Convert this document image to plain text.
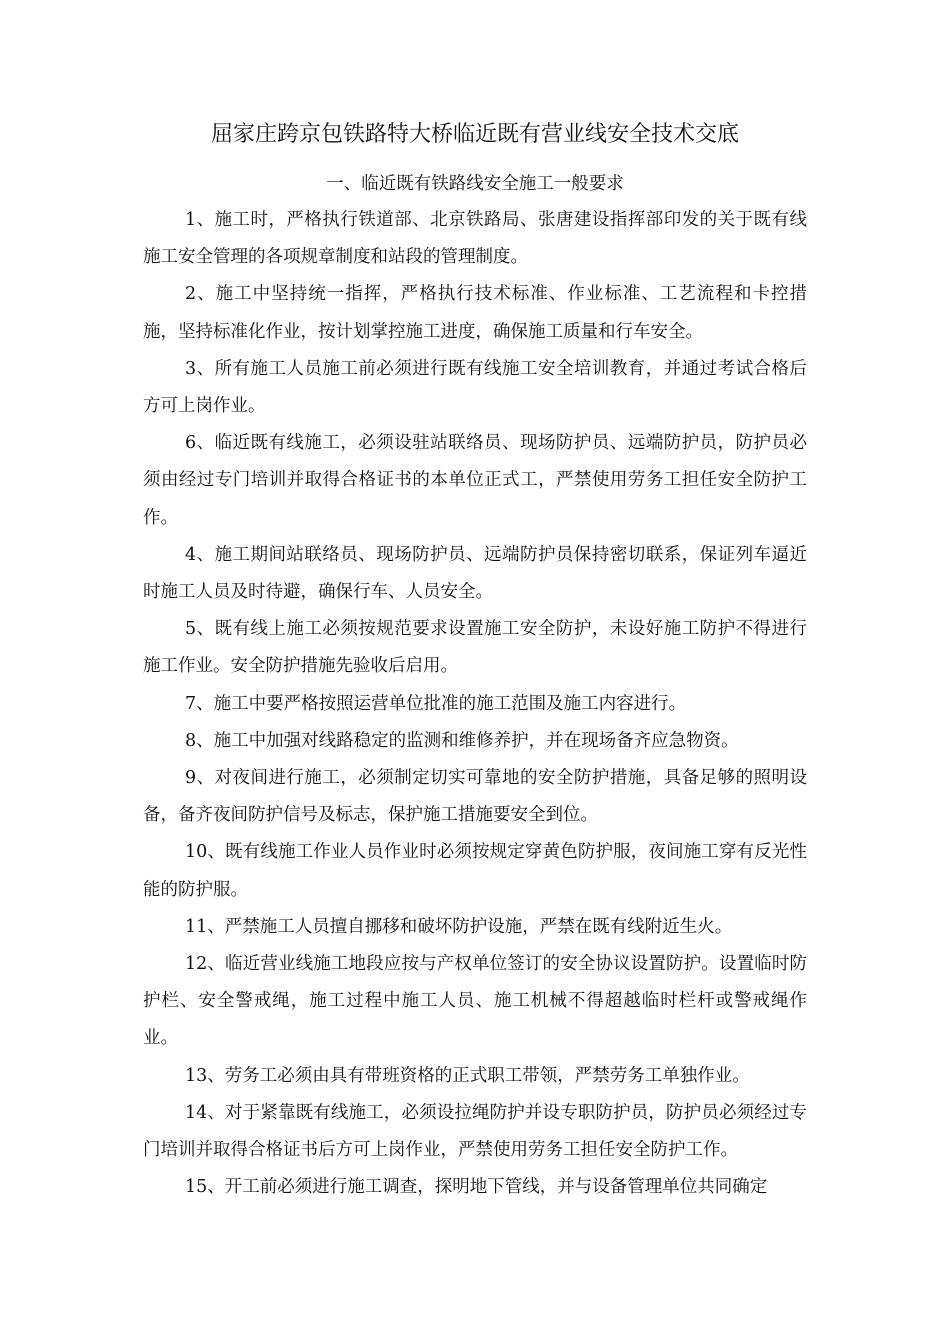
屈家庄跨京包铁路特大桥临近既有营业线安全技术交底
一、临近既有铁路线安全施工一般要求

1、施工时，严格执行铁道部、北京铁路局、张唐建设指挥部印发的关于既有线施工安全管理的各项规章制度和站段的管理制度。

2、施工中坚持统一指挥，严格执行技术标准、作业标准、工艺流程和卡控措施，坚持标准化作业，按计划掌控施工进度，确保施工质量和行车安全。

3、所有施工人员施工前必须进行既有线施工安全培训教育，并通过考试合格后方可上岗作业。

6、临近既有线施工，必须设驻站联络员、现场防护员、远端防护员，防护员必须由经过专门培训并取得合格证书的本单位正式工，严禁使用劳务工担任安全防护工作。

4、施工期间站联络员、现场防护员、远端防护员保持密切联系，保证列车逼近时施工人员及时待避，确保行车、人员安全。

5、既有线上施工必须按规范要求设置施工安全防护，未设好施工防护不得进行施工作业。安全防护措施先验收后启用。

7、施工中要严格按照运营单位批准的施工范围及施工内容进行。

8、施工中加强对线路稳定的监测和维修养护，并在现场备齐应急物资。

9、对夜间进行施工，必须制定切实可靠地的安全防护措施，具备足够的照明设备，备齐夜间防护信号及标志，保护施工措施要安全到位。

10、既有线施工作业人员作业时必须按规定穿黄色防护服，夜间施工穿有反光性能的防护服。

11、严禁施工人员擅自挪移和破坏防护设施，严禁在既有线附近生火。

12、临近营业线施工地段应按与产权单位签订的安全协议设置防护。设置临时防护栏、安全警戒绳，施工过程中施工人员、施工机械不得超越临时栏杆或警戒绳作业。

13、劳务工必须由具有带班资格的正式职工带领，严禁劳务工单独作业。

14、对于紧靠既有线施工，必须设拉绳防护并设专职防护员，防护员必须经过专门培训并取得合格证书后方可上岗作业，严禁使用劳务工担任安全防护工作。

15、开工前必须进行施工调查，探明地下管线，并与设备管理单位共同确定
